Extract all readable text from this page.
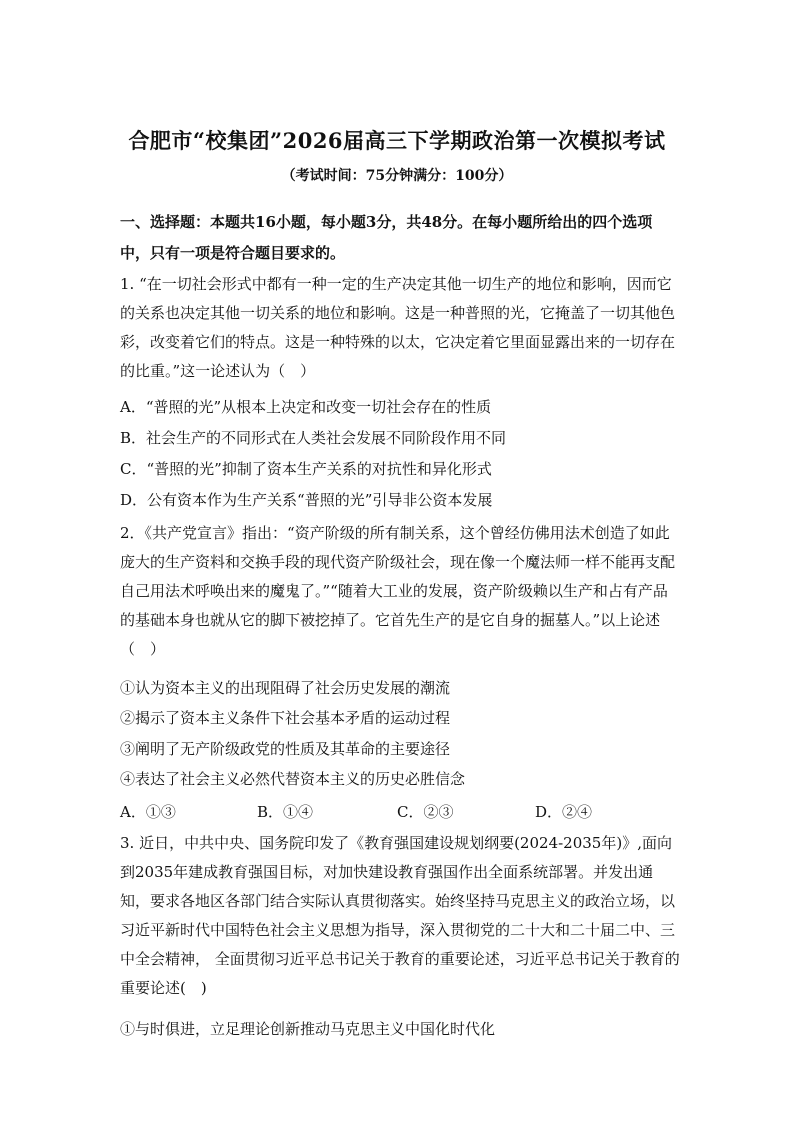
合肥市“校集团”2026届高三下学期政治第一次模拟考试
（考试时间：75分钟满分：100分）
一、选择题：本题共16小题，每小题3分，共48分。在每小题所给出的四个选项中，只有一项是符合题目要求的。
1. “在一切社会形式中都有一种一定的生产决定其他一切生产的地位和影响，因而它的关系也决定其他一切关系的地位和影响。这是一种普照的光，它掩盖了一切其他色彩，改变着它们的特点。这是一种特殊的以太，它决定着它里面显露出来的一切存在的比重。”这一论述认为（　）
A．“普照的光”从根本上决定和改变一切社会存在的性质
B．社会生产的不同形式在人类社会发展不同阶段作用不同
C．“普照的光”抑制了资本生产关系的对抗性和异化形式
D．公有资本作为生产关系“普照的光”引导非公资本发展
2．《共产党宣言》指出：“资产阶级的所有制关系，这个曾经仿佛用法术创造了如此庞大的生产资料和交换手段的现代资产阶级社会，现在像一个魔法师一样不能再支配自己用法术呼唤出来的魔鬼了。”“随着大工业的发展，资产阶级赖以生产和占有产品的基础本身也就从它的脚下被挖掉了。它首先生产的是它自身的掘墓人。”以上论述（　）
①认为资本主义的出现阻碍了社会历史发展的潮流
②揭示了资本主义条件下社会基本矛盾的运动过程
③阐明了无产阶级政党的性质及其革命的主要途径
④表达了社会主义必然代替资本主义的历史必胜信念
A．①③	B．①④	C．②③	D．②④
3. 近日，中共中央、国务院印发了《教育强国建设规划纲要(2024-2035年)》,面向到2035年建成教育强国目标，对加快建设教育强国作出全面系统部署。并发出通知，要求各地区各部门结合实际认真贯彻落实。始终坚持马克思主义的政治立场，以习近平新时代中国特色社会主义思想为指导，深入贯彻党的二十大和二十届二中、三中全会精神， 全面贯彻习近平总书记关于教育的重要论述，习近平总书记关于教育的重要论述(　)
①与时俱进，立足理论创新推动马克思主义中国化时代化
